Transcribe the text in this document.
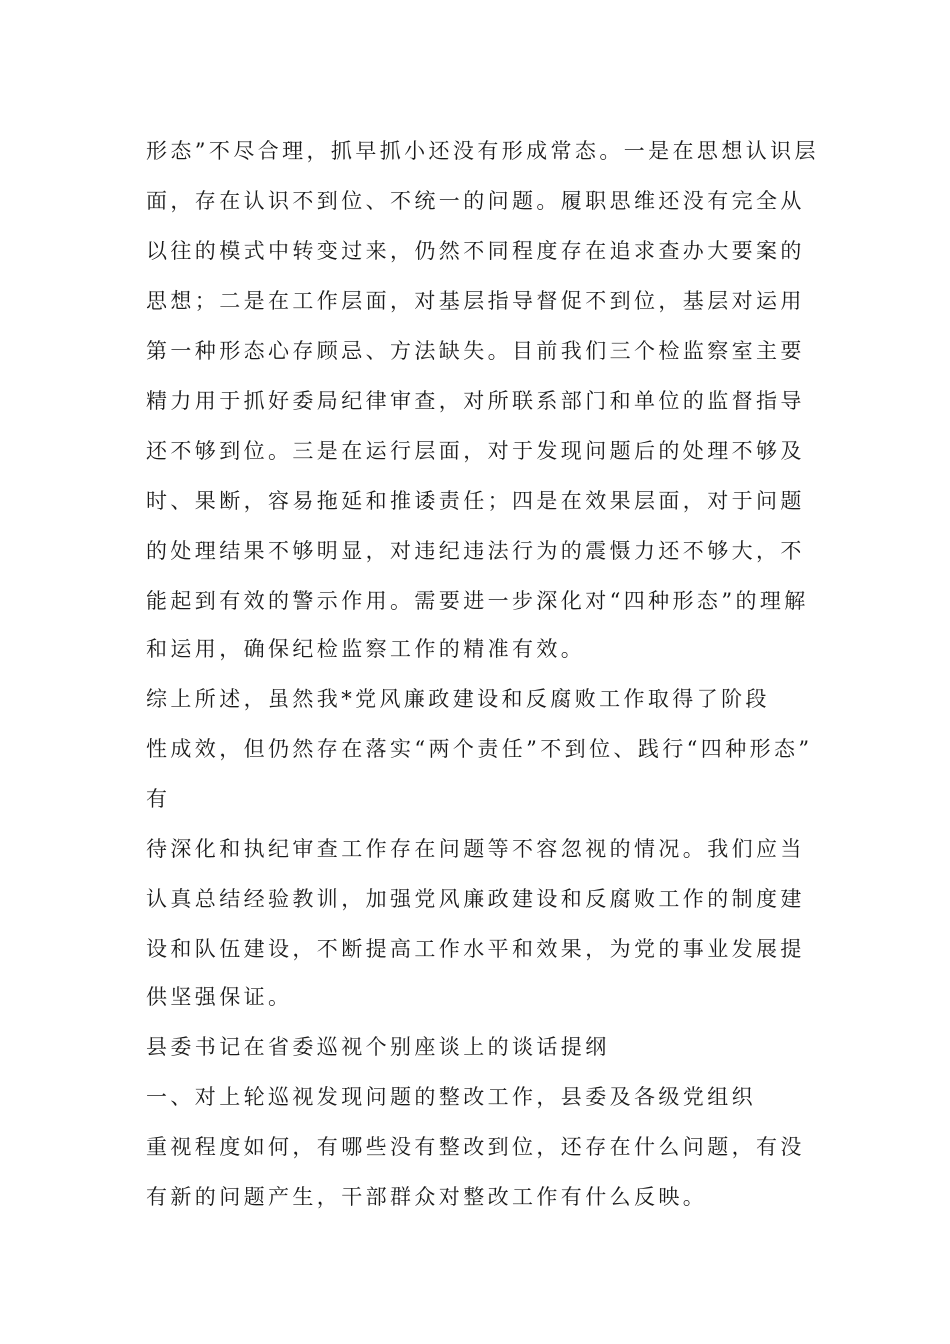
形态”不尽合理，抓早抓小还没有形成常态。一是在思想认识层
面，存在认识不到位、不统一的问题。履职思维还没有完全从
以往的模式中转变过来，仍然不同程度存在追求查办大要案的
思想；二是在工作层面，对基层指导督促不到位，基层对运用
第一种形态心存顾忌、方法缺失。目前我们三个检监察室主要
精力用于抓好委局纪律审查，对所联系部门和单位的监督指导
还不够到位。三是在运行层面，对于发现问题后的处理不够及
时、果断，容易拖延和推诿责任；四是在效果层面，对于问题
的处理结果不够明显，对违纪违法行为的震慑力还不够大，不
能起到有效的警示作用。需要进一步深化对“四种形态”的理解
和运用，确保纪检监察工作的精准有效。
综上所述，虽然我*党风廉政建设和反腐败工作取得了阶段
性成效，但仍然存在落实“两个责任”不到位、践行“四种形态”
有
待深化和执纪审查工作存在问题等不容忽视的情况。我们应当
认真总结经验教训，加强党风廉政建设和反腐败工作的制度建
设和队伍建设，不断提高工作水平和效果，为党的事业发展提
供坚强保证。
县委书记在省委巡视个别座谈上的谈话提纲
一、对上轮巡视发现问题的整改工作，县委及各级党组织
重视程度如何，有哪些没有整改到位，还存在什么问题，有没
有新的问题产生，干部群众对整改工作有什么反映。
